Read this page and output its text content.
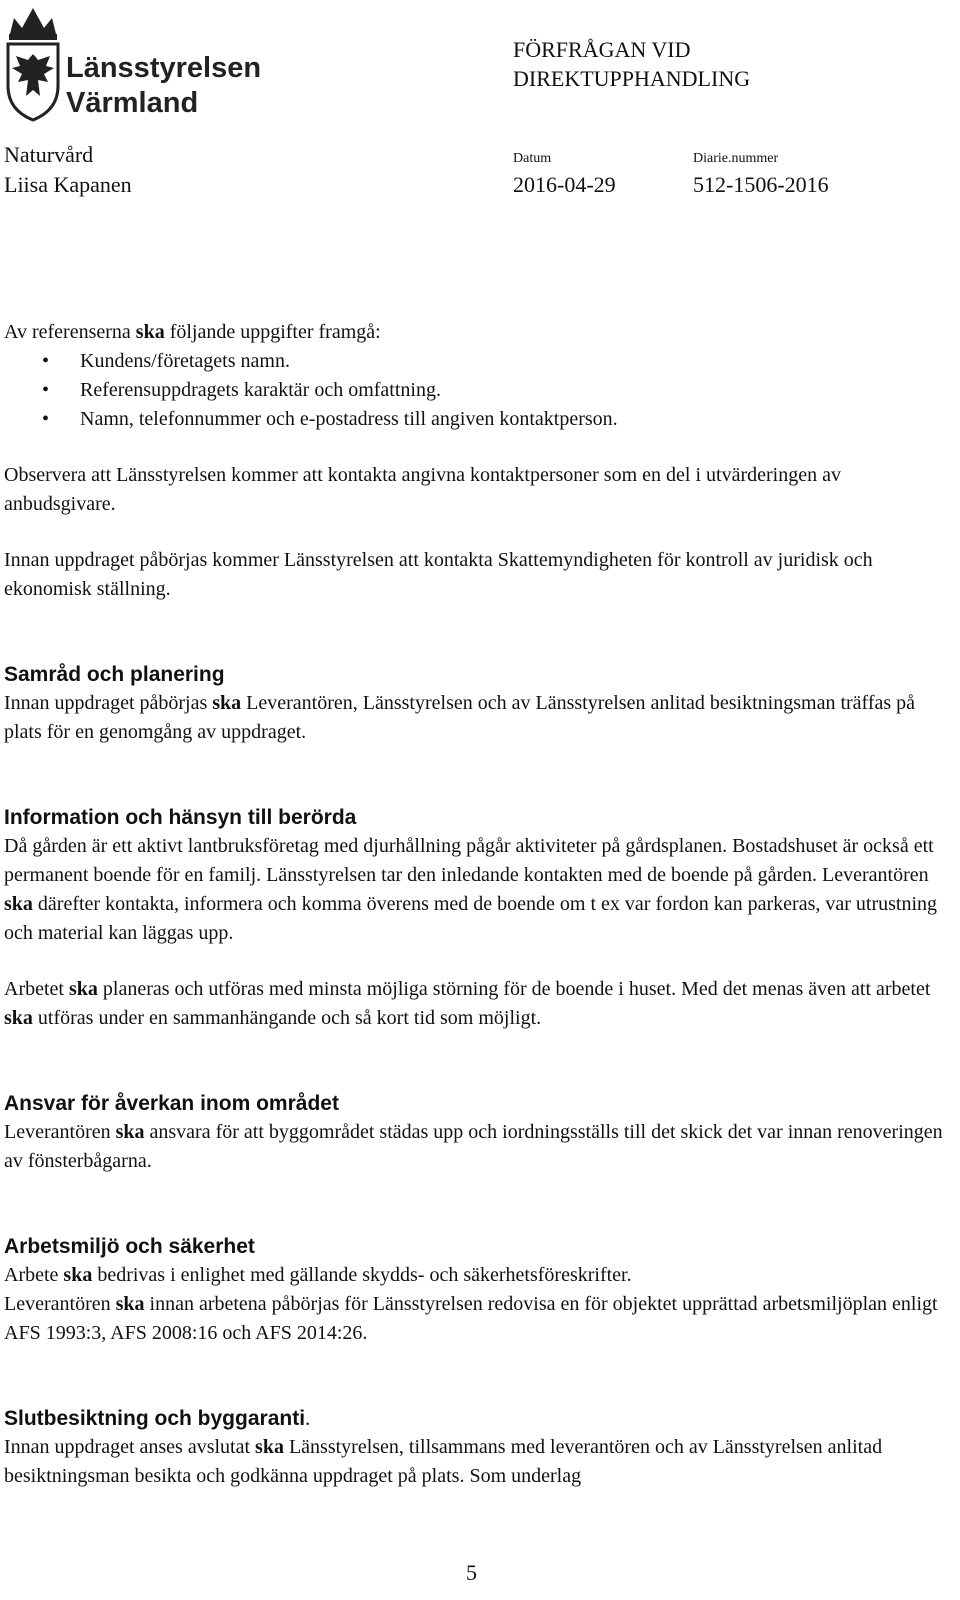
Länsstyrelsen
Värmland
FÖRFRÅGAN VID DIREKTUPPHANDLING
Naturvård
Liisa Kapanen
Datum
2016-04-29
Diarie.nummer
512-1506-2016

Av referenserna ska följande uppgifter framgå:

• Kundens/företagets namn.
• Referensuppdragets karaktär och omfattning.
• Namn, telefonnummer och e-postadress till angiven kontaktperson.

Observera att Länsstyrelsen kommer att kontakta angivna kontaktpersoner som en del i utvärderingen av anbudsgivare.

Innan uppdraget påbörjas kommer Länsstyrelsen att kontakta Skattemyndigheten för kontroll av juridisk och ekonomisk ställning.

Samråd och planering

Innan uppdraget påbörjas ska Leverantören, Länsstyrelsen och av Länsstyrelsen anlitad besiktningsman träffas på plats för en genomgång av uppdraget.

Information och hänsyn till berörda

Då gården är ett aktivt lantbruksföretag med djurhållning pågår aktiviteter på gårdsplanen. Bostadshuset är också ett permanent boende för en familj. Länsstyrelsen tar den inledande kontakten med de boende på gården. Leverantören ska därefter kontakta, informera och komma överens med de boende om t ex var fordon kan parkeras, var utrustning och material kan läggas upp.

Arbetet ska planeras och utföras med minsta möjliga störning för de boende i huset. Med det menas även att arbetet ska utföras under en sammanhängande och så kort tid som möjligt.

Ansvar för åverkan inom området

Leverantören ska ansvara för att byggområdet städas upp och iordningsställs till det skick det var innan renoveringen av fönsterbågarna.

Arbetsmiljö och säkerhet

Arbete ska bedrivas i enlighet med gällande skydds- och säkerhetsföreskrifter.

Leverantören ska innan arbetena påbörjas för Länsstyrelsen redovisa en för objektet upprättad arbetsmiljöplan enligt AFS 1993:3, AFS 2008:16 och AFS 2014:26.

Slutbesiktning och byggaranti.

Innan uppdraget anses avslutat ska Länsstyrelsen, tillsammans med leverantören och av Länsstyrelsen anlitad besiktningsman besikta och godkänna uppdraget på plats. Som underlag

5
